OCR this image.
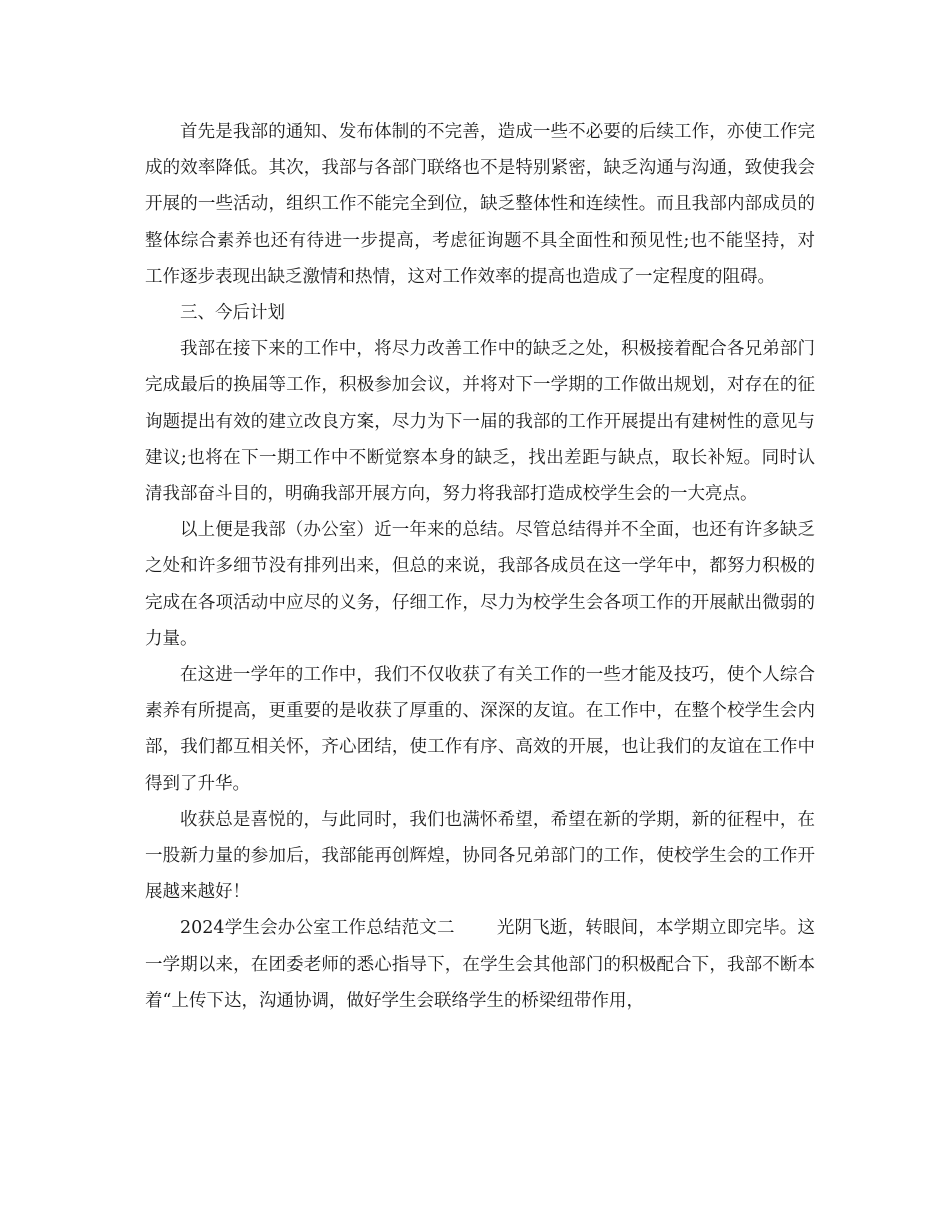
首先是我部的通知、发布体制的不完善，造成一些不必要的后续工作，亦使工作完成的效率降低。其次，我部与各部门联络也不是特别紧密，缺乏沟通与沟通，致使我会开展的一些活动，组织工作不能完全到位，缺乏整体性和连续性。而且我部内部成员的整体综合素养也还有待进一步提高，考虑征询题不具全面性和预见性;也不能坚持，对工作逐步表现出缺乏激情和热情，这对工作效率的提高也造成了一定程度的阻碍。

三、今后计划

我部在接下来的工作中，将尽力改善工作中的缺乏之处，积极接着配合各兄弟部门完成最后的换届等工作，积极参加会议，并将对下一学期的工作做出规划，对存在的征询题提出有效的建立改良方案，尽力为下一届的我部的工作开展提出有建树性的意见与建议;也将在下一期工作中不断觉察本身的缺乏，找出差距与缺点，取长补短。同时认清我部奋斗目的，明确我部开展方向，努力将我部打造成校学生会的一大亮点。

以上便是我部（办公室）近一年来的总结。尽管总结得并不全面，也还有许多缺乏之处和许多细节没有排列出来，但总的来说，我部各成员在这一学年中，都努力积极的完成在各项活动中应尽的义务，仔细工作，尽力为校学生会各项工作的开展献出微弱的力量。

在这进一学年的工作中，我们不仅收获了有关工作的一些才能及技巧，使个人综合素养有所提高，更重要的是收获了厚重的、深深的友谊。在工作中，在整个校学生会内部，我们都互相关怀，齐心团结，使工作有序、高效的开展，也让我们的友谊在工作中得到了升华。

收获总是喜悦的，与此同时，我们也满怀希望，希望在新的学期，新的征程中，在一股新力量的参加后，我部能再创辉煌，协同各兄弟部门的工作，使校学生会的工作开展越来越好！

2024学生会办公室工作总结范文二 光阴飞逝，转眼间，本学期立即完毕。这一学期以来，在团委老师的悉心指导下，在学生会其他部门的积极配合下，我部不断本着“上传下达，沟通协调，做好学生会联络学生的桥梁纽带作用，
